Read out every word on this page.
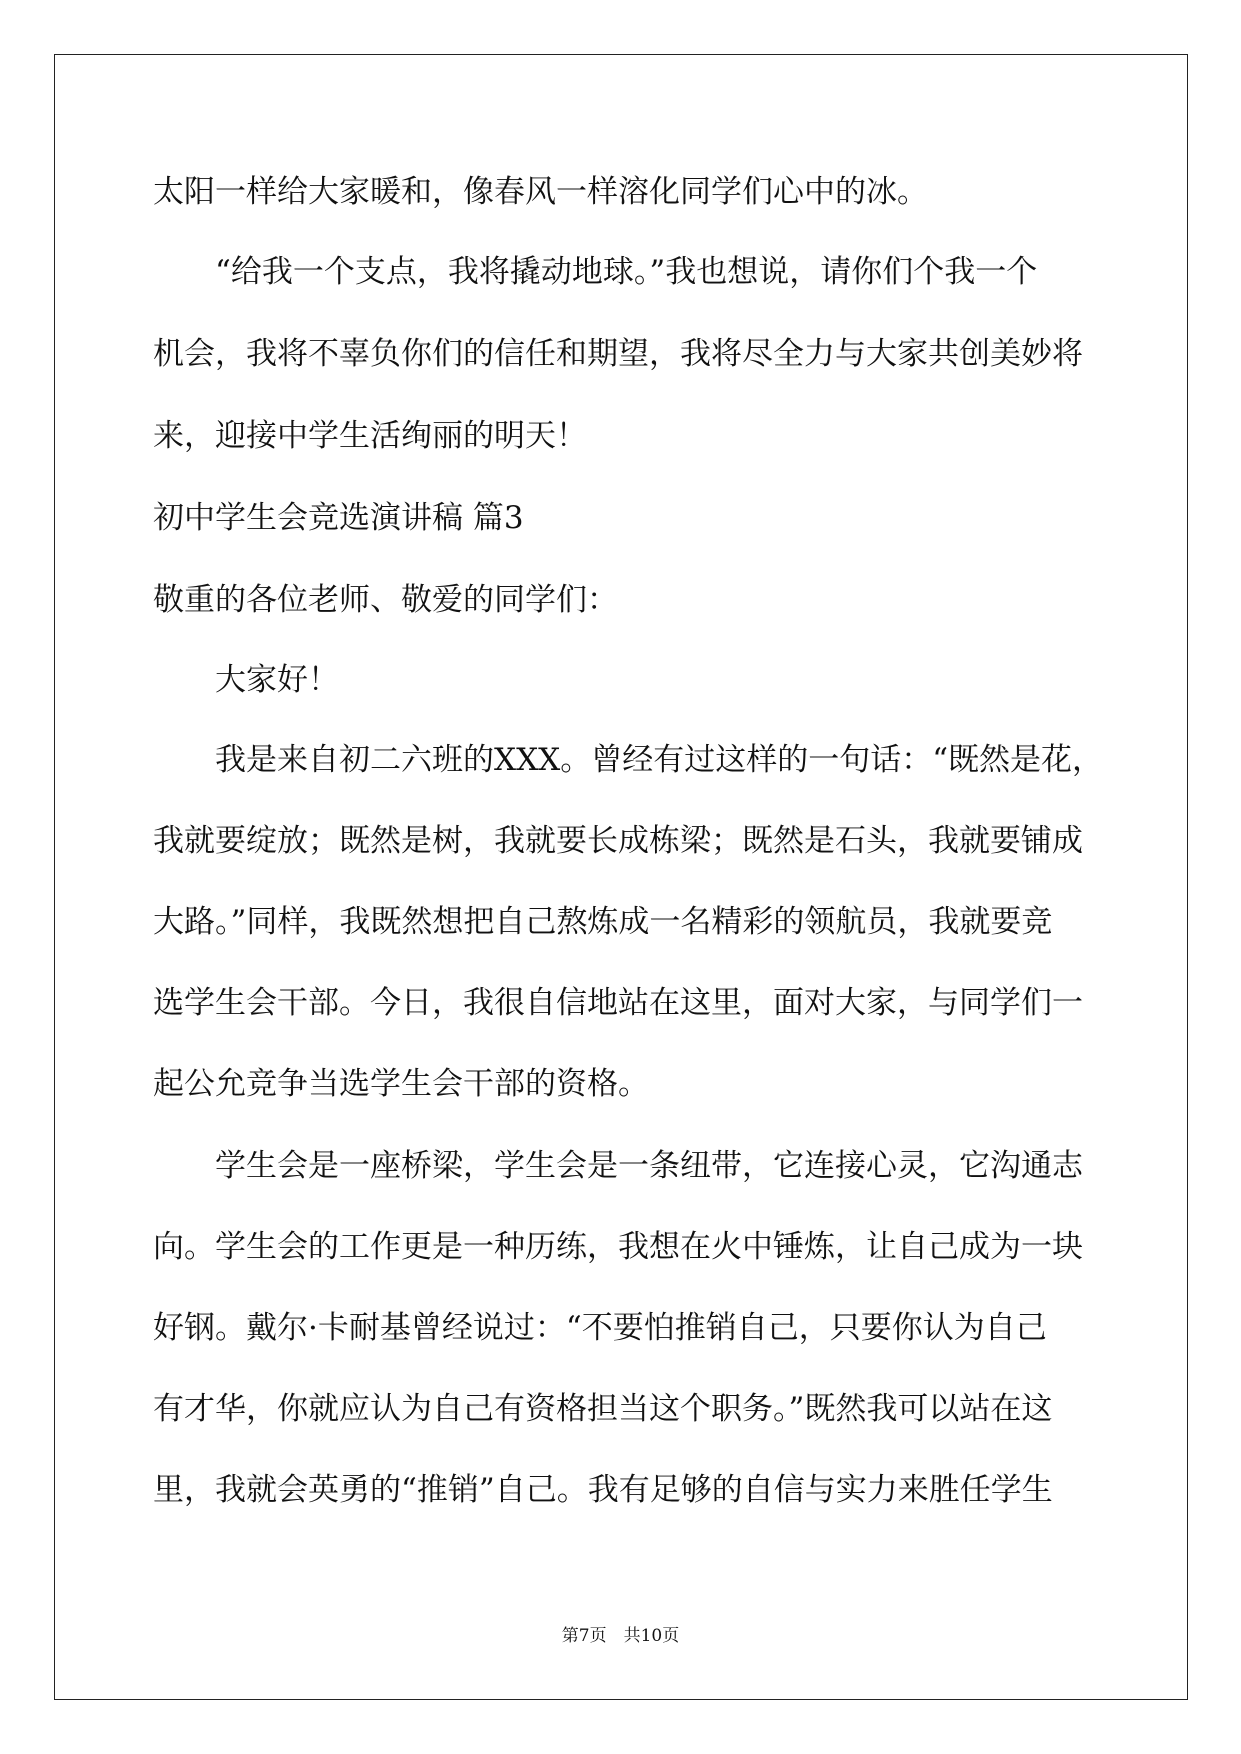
太阳一样给大家暖和，像春风一样溶化同学们心中的冰。
“给我一个支点，我将撬动地球。”我也想说，请你们个我一个
机会，我将不辜负你们的信任和期望，我将尽全力与大家共创美妙将
来，迎接中学生活绚丽的明天！
初中学生会竞选演讲稿 篇3
敬重的各位老师、敬爱的同学们：
大家好！
我是来自初二六班的XXX。曾经有过这样的一句话：“既然是花，
我就要绽放；既然是树，我就要长成栋梁；既然是石头，我就要铺成
大路。”同样，我既然想把自己熬炼成一名精彩的领航员，我就要竞
选学生会干部。今日，我很自信地站在这里，面对大家，与同学们一
起公允竞争当选学生会干部的资格。
学生会是一座桥梁，学生会是一条纽带，它连接心灵，它沟通志
向。学生会的工作更是一种历练，我想在火中锤炼，让自己成为一块
好钢。戴尔·卡耐基曾经说过：“不要怕推销自己，只要你认为自己
有才华，你就应认为自己有资格担当这个职务。”既然我可以站在这
里，我就会英勇的“推销”自己。我有足够的自信与实力来胜任学生
第7页　共10页
